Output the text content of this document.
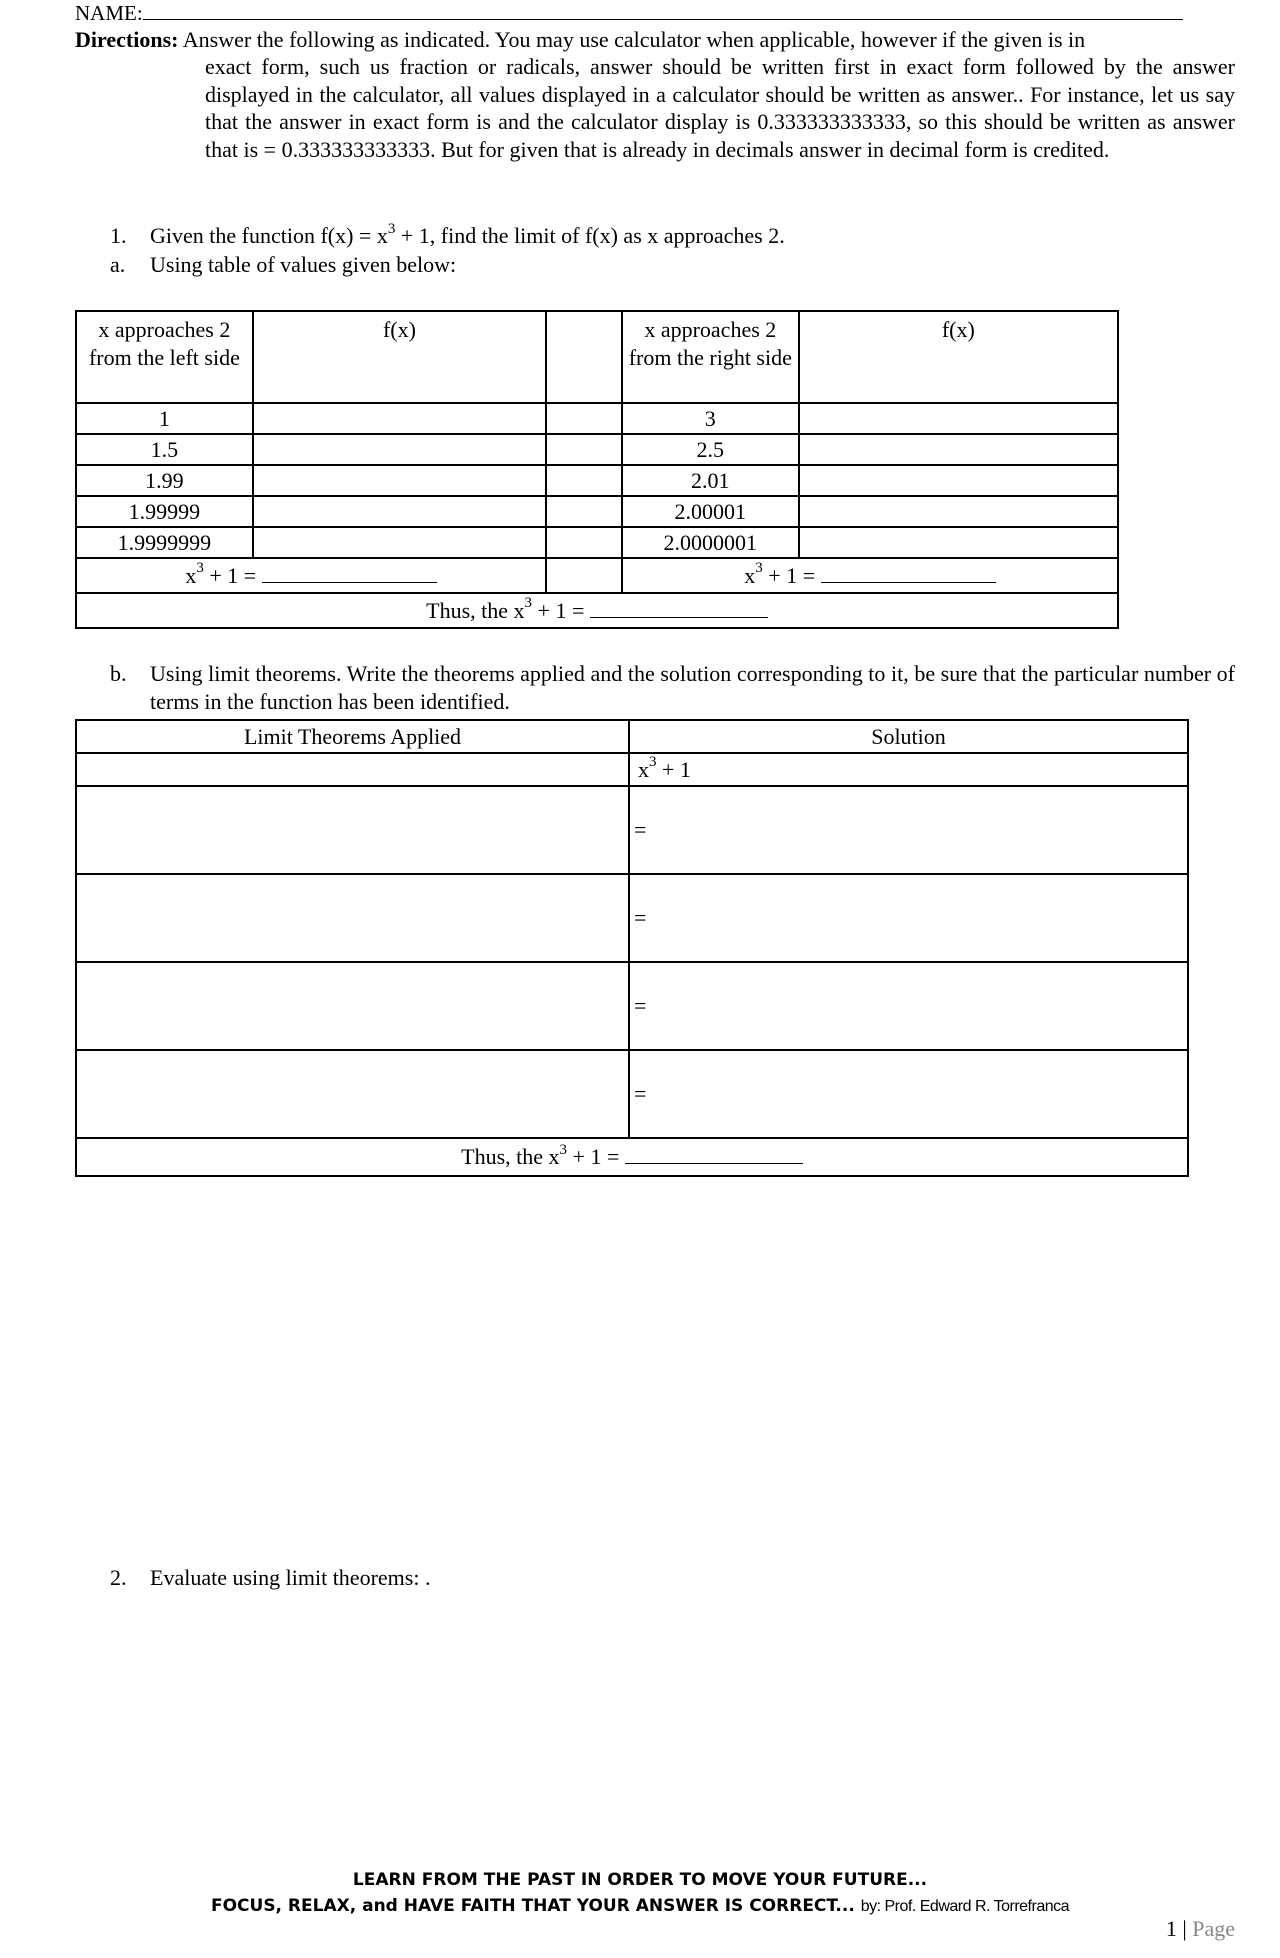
NAME:
Directions: Answer the following as indicated. You may use calculator when applicable, however if the given is in
exact form, such us fraction or radicals, answer should be written first in exact form followed by the answer displayed in the calculator, all values displayed in a calculator should be written as answer.. For instance, let us say that the answer in exact form is and the calculator display is 0.333333333333, so this should be written as answer that is = 0.333333333333. But for given that is already in decimals answer in decimal form is credited.
1. Given the function $f(x) = x^3 + 1$, find the limit of f(x) as x approaches 2.
a. Using table of values given below:
x approaches 2 from the left side	f(x)		x approaches 2 from the right side	f(x)
1			3	
1.5			2.5	
1.99			2.01	
1.99999			2.00001	
1.9999999			2.0000001	
$x^3 + 1$ =			$x^3 + 1$ =	
Thus, the $x^3 + 1$ =				
b. Using limit theorems. Write the theorems applied and the solution corresponding to it, be sure that the particular number of terms in the function has been identified.
Limit Theorems Applied	Solution
	$x^3 + 1$
	=
	=
	=
	=
Thus, the $x^3 + 1$ =	
2. Evaluate using limit theorems: .
LEARN FROM THE PAST IN ORDER TO MOVE YOUR FUTURE...
FOCUS, RELAX, and HAVE FAITH THAT YOUR ANSWER IS CORRECT... by: Prof. Edward R. Torrefranca
1 | Page
